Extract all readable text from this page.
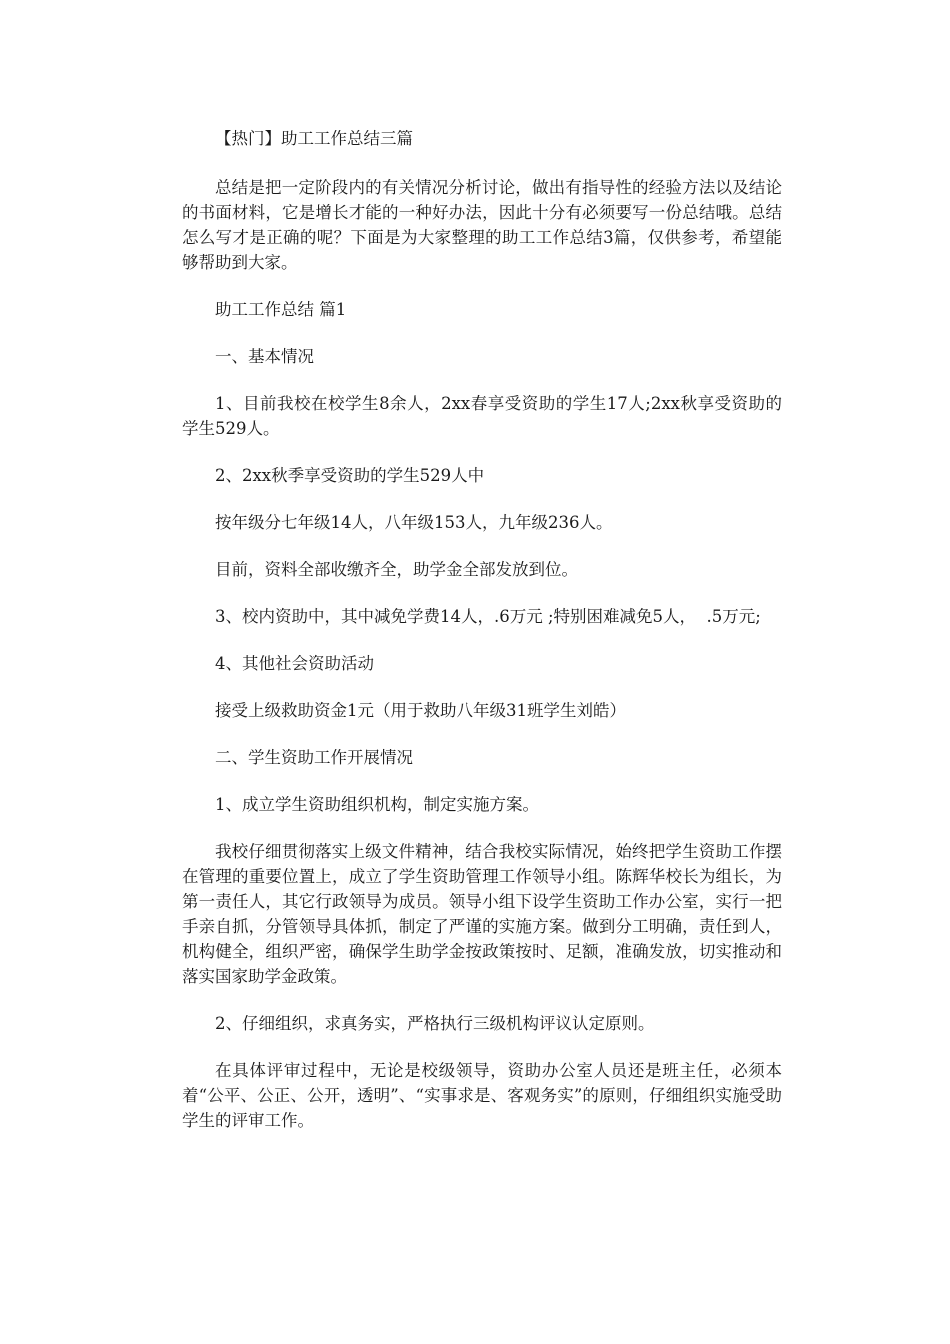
【热门】助工工作总结三篇

总结是把一定阶段内的有关情况分析讨论，做出有指导性的经验方法以及结论的书面材料，它是增长才能的一种好办法，因此十分有必须要写一份总结哦。总结怎么写才是正确的呢？下面是为大家整理的助工工作总结3篇，仅供参考，希望能够帮助到大家。

助工工作总结 篇1

一、基本情况

1、目前我校在校学生8余人，2xx春享受资助的学生17人;2xx秋享受资助的学生529人。

2、2xx秋季享受资助的学生529人中

按年级分七年级14人，八年级153人，九年级236人。

目前，资料全部收缴齐全，助学金全部发放到位。

3、校内资助中，其中减免学费14人，.6万元 ;特别困难减免5人，  .5万元;

4、其他社会资助活动

接受上级救助资金1元（用于救助八年级31班学生刘皓）

二、学生资助工作开展情况

1、成立学生资助组织机构，制定实施方案。

我校仔细贯彻落实上级文件精神，结合我校实际情况，始终把学生资助工作摆在管理的重要位置上，成立了学生资助管理工作领导小组。陈辉华校长为组长，为第一责任人，其它行政领导为成员。领导小组下设学生资助工作办公室，实行一把手亲自抓，分管领导具体抓，制定了严谨的实施方案。做到分工明确，责任到人，机构健全，组织严密，确保学生助学金按政策按时、足额，准确发放，切实推动和落实国家助学金政策。

2、仔细组织，求真务实，严格执行三级机构评议认定原则。

在具体评审过程中，无论是校级领导，资助办公室人员还是班主任，必须本着“公平、公正、公开，透明”、“实事求是、客观务实”的原则，仔细组织实施受助学生的评审工作。
